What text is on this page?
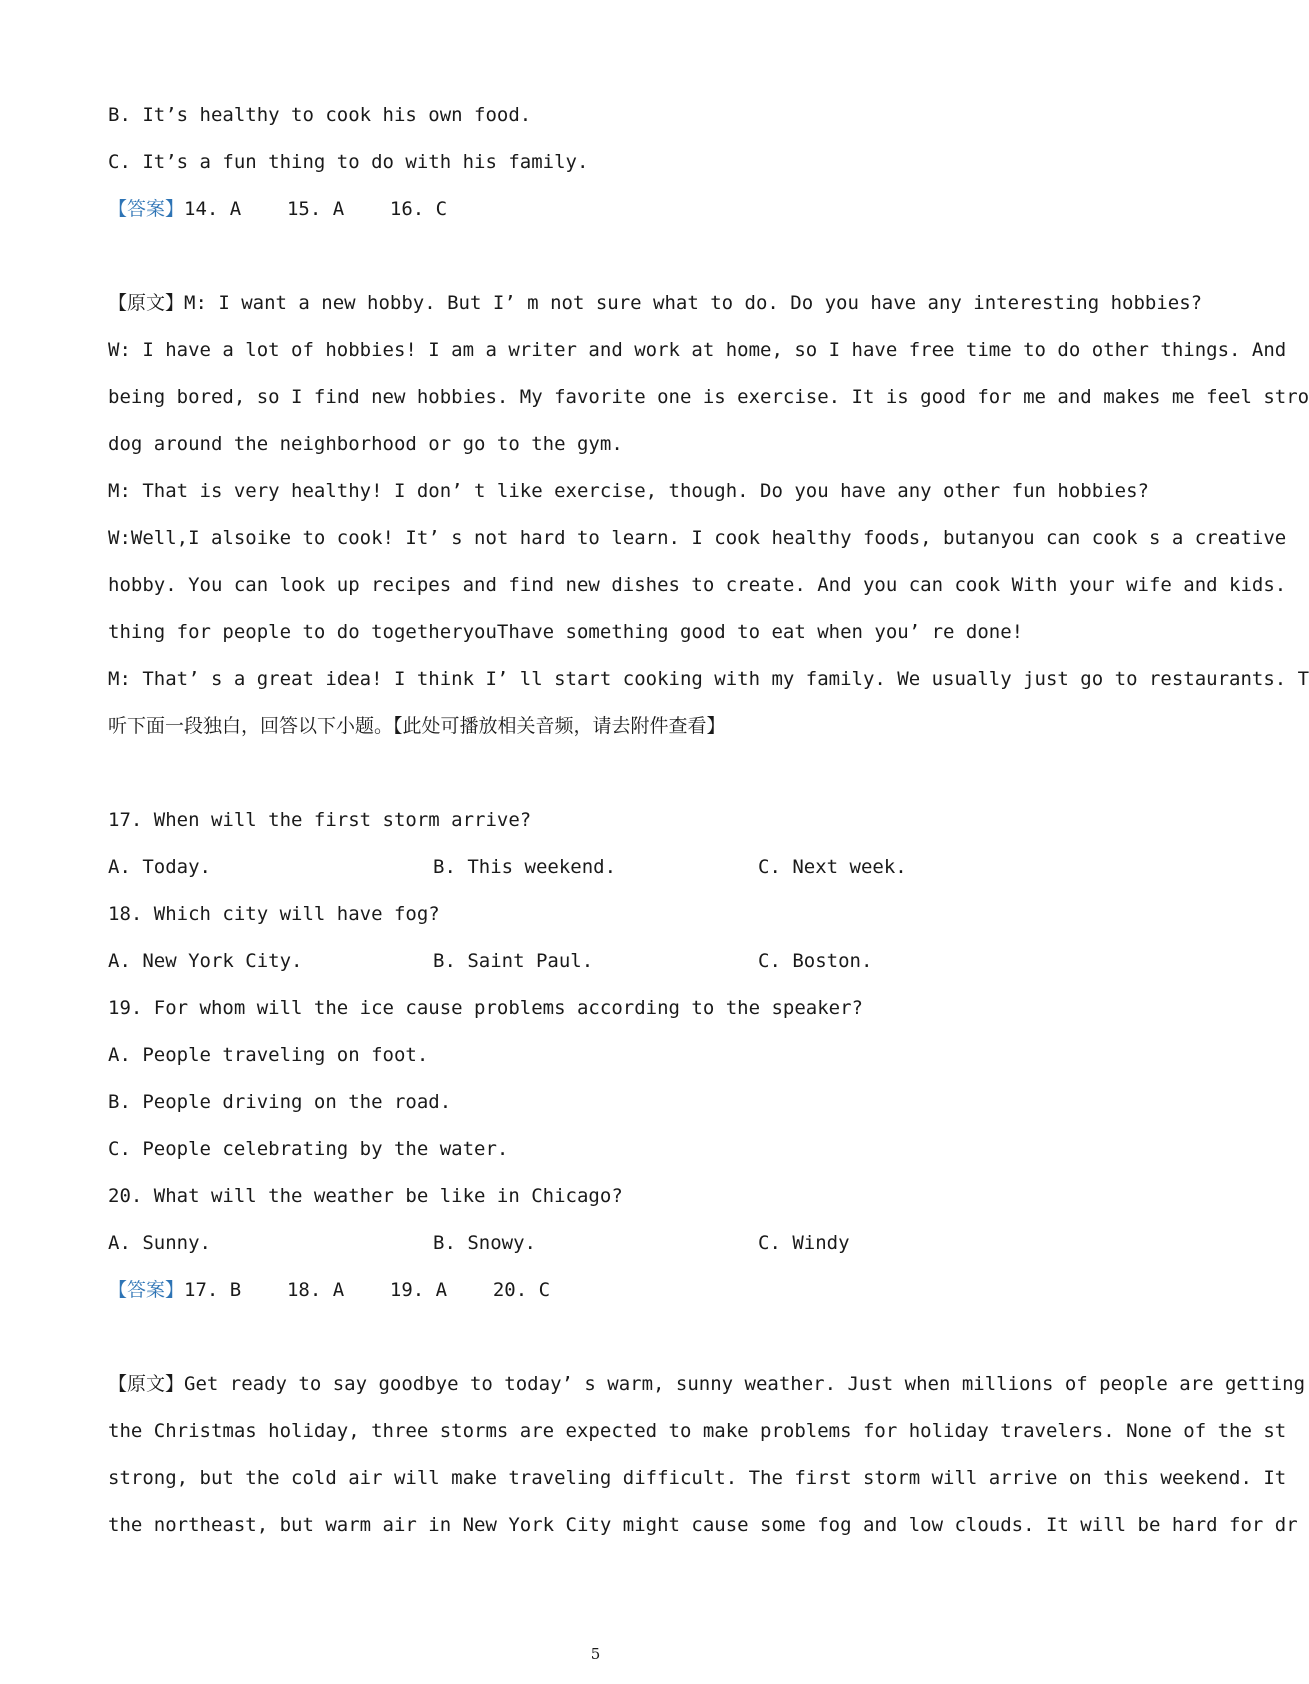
B. It’s healthy to cook his own food.
C. It’s a fun thing to do with his family.
【答案】14. A    15. A    16. C
【原文】M: I want a new hobby. But I’ m not sure what to do. Do you have any interesting hobbies?
W: I have a lot of hobbies! I am a writer and work at home, so I have free time to do other things. And
being bored, so I find new hobbies. My favorite one is exercise. It is good for me and makes me feel stro
dog around the neighborhood or go to the gym.
M: That is very healthy! I don’ t like exercise, though. Do you have any other fun hobbies?
W:Well,I alsoike to cook! It’ s not hard to learn. I cook healthy foods, butanyou can cook s a creative
hobby. You can look up recipes and find new dishes to create. And you can cook With your wife and kids.
thing for people to do togetheryouThave something good to eat when you’ re done!
M: That’ s a great idea! I think I’ ll start cooking with my family. We usually just go to restaurants. T
听下面一段独白，回答以下小题。【此处可播放相关音频，请去附件查看】
17. When will the first storm arrive?
A. Today.	B. This weekend.	C. Next week.
18. Which city will have fog?
A. New York City.	B. Saint Paul.	C. Boston.
19. For whom will the ice cause problems according to the speaker?
A. People traveling on foot.
B. People driving on the road.
C. People celebrating by the water.
20. What will the weather be like in Chicago?
A. Sunny.	B. Snowy.	C. Windy
【答案】17. B    18. A    19. A    20. C
【原文】Get ready to say goodbye to today’ s warm, sunny weather. Just when millions of people are getting
the Christmas holiday, three storms are expected to make problems for holiday travelers. None of the st
strong, but the cold air will make traveling difficult. The first storm will arrive on this weekend. It
the northeast, but warm air in New York City might cause some fog and low clouds. It will be hard for dr
5
